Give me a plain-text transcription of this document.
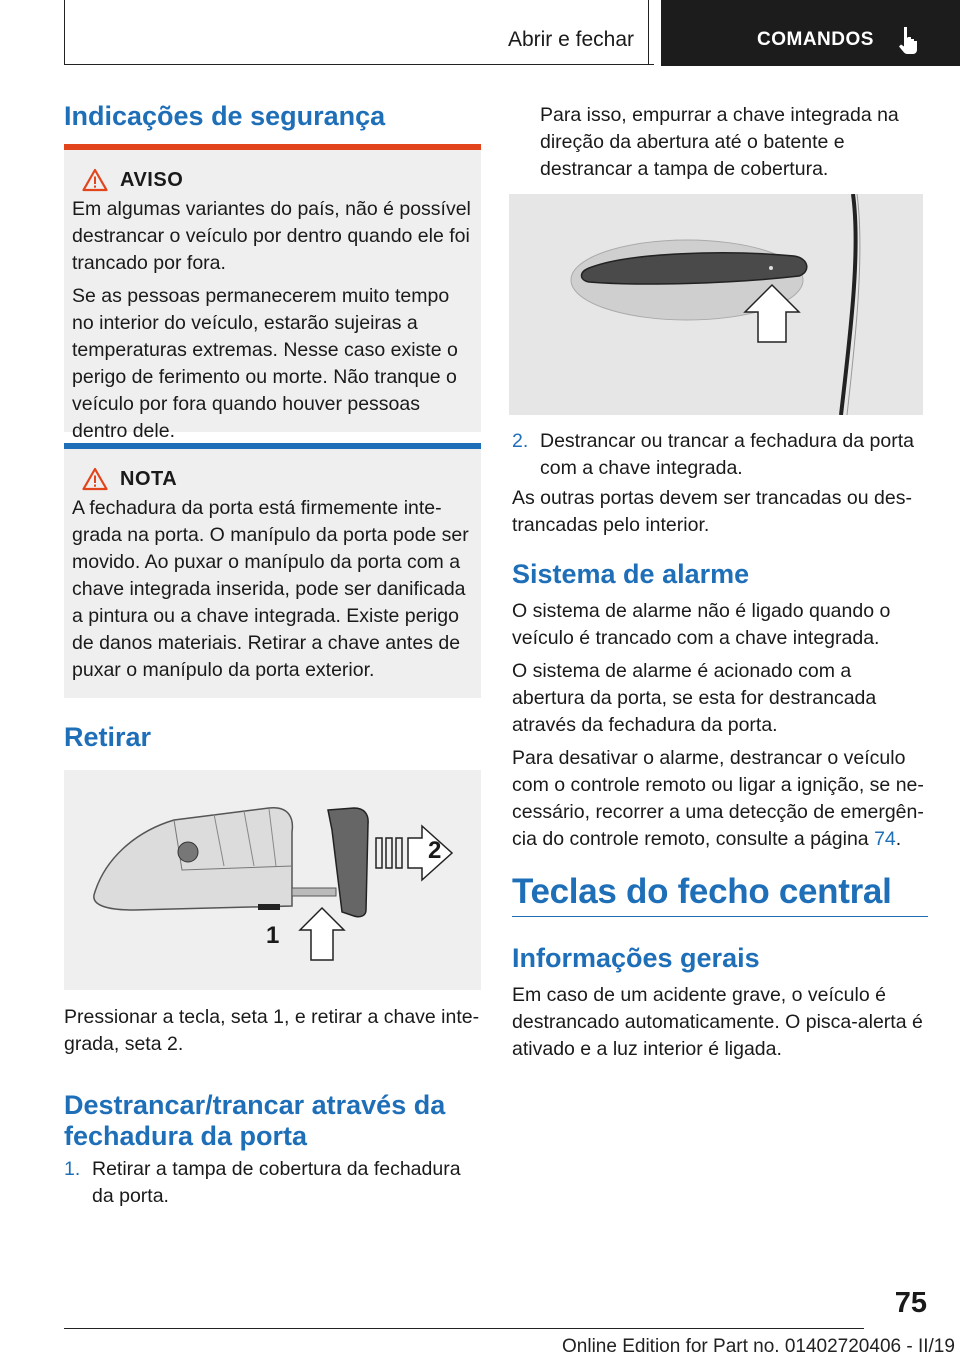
Abrir e fechar	COMANDOS
Indicações de segurança
AVISO

Em algumas variantes do país, não é possível destrancar o veículo por dentro quando ele foi trancado por fora.

Se as pessoas permanecerem muito tempo no interior do veículo, estarão sujeiras a temperaturas extremas. Nesse caso existe o perigo de ferimento ou morte. Não tranque o veículo por fora quando houver pessoas dentro dele.

NOTA

A fechadura da porta está firmemente integrada na porta. O manípulo da porta pode ser movido. Ao puxar o manípulo da porta com a chave integrada inserida, pode ser danificada a pintura ou a chave integrada. Existe perigo de danos materiais. Retirar a chave antes de puxar o manípulo da porta exterior.

Retirar
2
1

Pressionar a tecla, seta 1, e retirar a chave integrada, seta 2.

Destrancar/trancar através da fechadura da porta
1. Retirar a tampa de cobertura da fechadura da porta.

Para isso, empurrar a chave integrada na direção da abertura até o batente e destrancar a tampa de cobertura.

2. Destrancar ou trancar a fechadura da porta com a chave integrada.

As outras portas devem ser trancadas ou destrancadas pelo interior.

Sistema de alarme

O sistema de alarme não é ligado quando o veículo é trancado com a chave integrada.

O sistema de alarme é acionado com a abertura da porta, se esta for destrancada através da fechadura da porta.

Para desativar o alarme, destrancar o veículo com o controle remoto ou ligar a ignição, se necessário, recorrer a uma detecção de emergência do controle remoto, consulte a página 74.

Teclas do fecho central
Informações gerais

Em caso de um acidente grave, o veículo é destrancado automaticamente. O pisca-alerta é ativado e a luz interior é ligada.

75
Online Edition for Part no. 01402720406 - II/19
